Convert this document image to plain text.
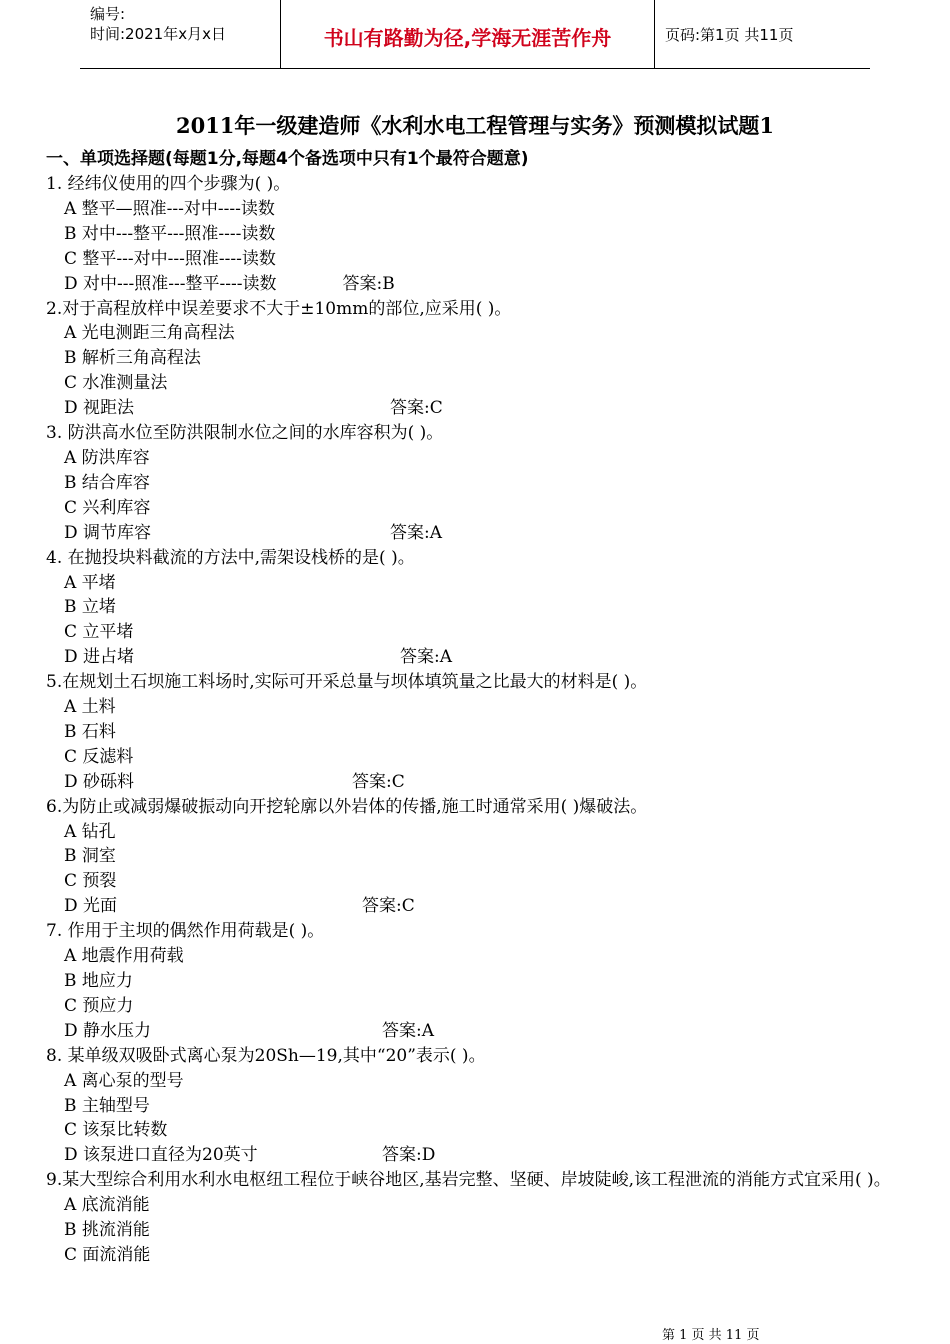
编号:
时间:2021年x月x日	书山有路勤为径,学海无涯苦作舟	页码:第1页 共11页
2011年一级建造师《水利水电工程管理与实务》预测模拟试题1
一、单项选择题(每题1分,每题4个备选项中只有1个最符合题意)
1. 经纬仪使用的四个步骤为( )。
A 整平—照准---对中----读数
B 对中---整平---照准----读数
C 整平---对中---照准----读数
D 对中---照准---整平----读数	答案:B
2.对于高程放样中误差要求不大于±10mm的部位,应采用( )。
A 光电测距三角高程法
B 解析三角高程法
C 水准测量法
D 视距法	答案:C
3. 防洪高水位至防洪限制水位之间的水库容积为( )。
A 防洪库容
B 结合库容
C 兴利库容
D 调节库容	答案:A
4. 在抛投块料截流的方法中,需架设栈桥的是( )。
A 平堵
B 立堵
C 立平堵
D 进占堵	答案:A
5.在规划土石坝施工料场时,实际可开采总量与坝体填筑量之比最大的材料是( )。
A 土料
B 石料
C 反滤料
D 砂砾料	答案:C
6.为防止或减弱爆破振动向开挖轮廓以外岩体的传播,施工时通常采用( )爆破法。
A 钻孔
B 洞室
C 预裂
D 光面	答案:C
7. 作用于主坝的偶然作用荷载是( )。
A 地震作用荷载
B 地应力
C 预应力
D 静水压力	答案:A
8. 某单级双吸卧式离心泵为20Sh—19,其中“20”表示( )。
A 离心泵的型号
B 主轴型号
C 该泵比转数
D 该泵进口直径为20英寸	答案:D
9.某大型综合利用水利水电枢纽工程位于峡谷地区,基岩完整、坚硬、岸坡陡峻,该工程泄流的消能方式宜采用( )。
A 底流消能
B 挑流消能
C 面流消能
第 1 页 共 11 页
